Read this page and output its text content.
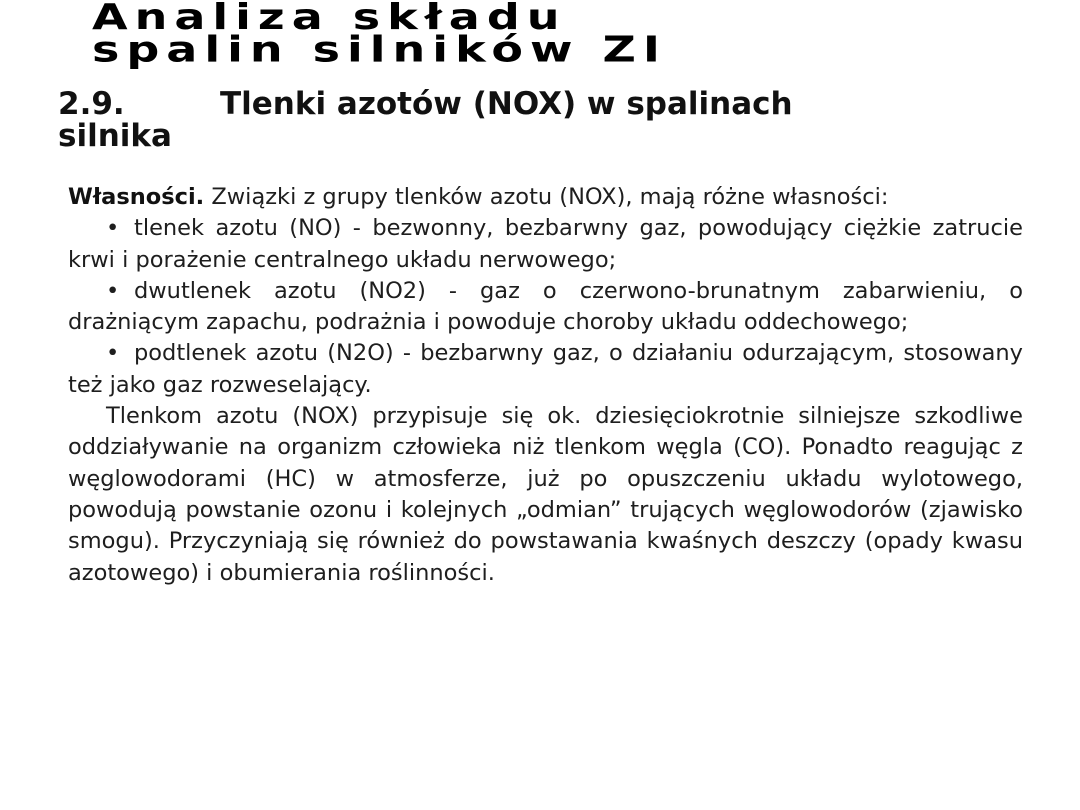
Analiza składu
spalin silników ZI
2.9.	Tlenki azotów (NOX) w spalinach
silnika

Własności. Związki z grupy tlenków azotu (NOX), mają różne własności:

• tlenek azotu (NO) - bezwonny, bezbarwny gaz, powodujący ciężkie zatrucie krwi i porażenie centralnego układu nerwowego;

• dwutlenek azotu (NO2) - gaz o czerwono-brunatnym zabarwieniu, o drażniącym zapachu, podrażnia i powoduje choroby układu oddechowego;

• podtlenek azotu (N2O) - bezbarwny gaz, o działaniu odurzającym, stosowany też jako gaz rozweselający.

Tlenkom azotu (NOX) przypisuje się ok. dziesięciokrotnie silniejsze szkodliwe oddziaływanie na organizm człowieka niż tlenkom węgla (CO). Ponadto reagując z węglowodorami (HC) w atmosferze, już po opuszczeniu układu wylotowego, powodują powstanie ozonu i kolejnych „odmian” trujących węglowodorów (zjawisko smogu). Przyczyniają się również do powstawania kwaśnych deszczy (opady kwasu azotowego) i obumierania roślinności.
